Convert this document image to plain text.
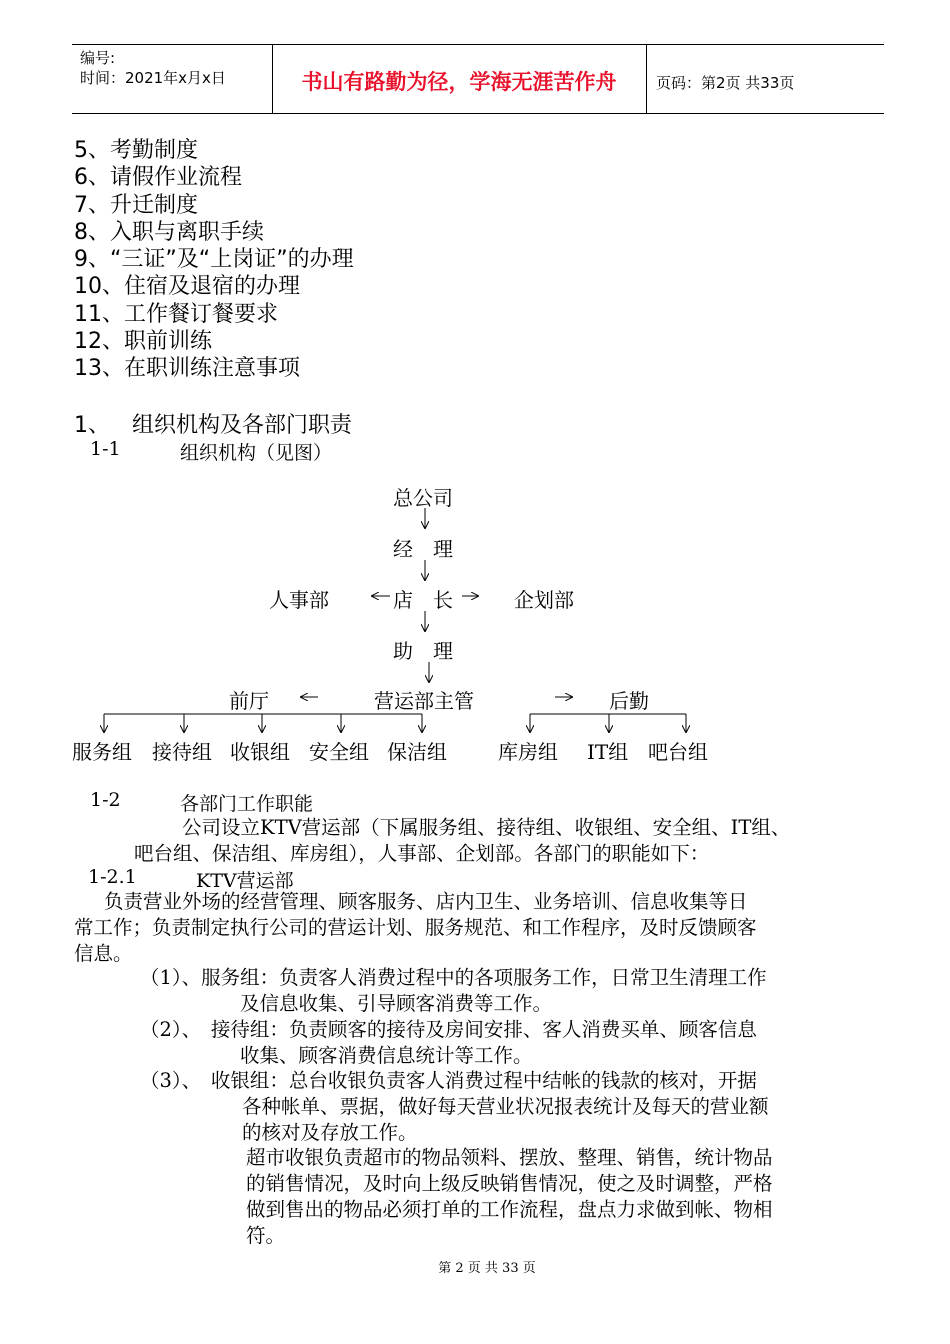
编号:
时间：2021年x月x日	书山有路勤为径，学海无涯苦作舟	页码：第2页 共33页
5、考勤制度
6、请假作业流程
7、升迁制度
8、入职与离职手续
9、“三证”及“上岗证”的办理
10、住宿及退宿的办理
11、工作餐订餐要求
12、职前训练
13、在职训练注意事项
1、 组织机构及各部门职责
1-1	组织机构（见图）
总公司
经　理
人事部	店　长	企划部
助　理
前厅	营运部主管	后勤
服务组 接待组 收银组 安全组 保洁组	库房组 IT组 吧台组
1-2	各部门工作职能
公司设立KTV营运部（下属服务组、接待组、收银组、安全组、IT组、
吧台组、保洁组、库房组），人事部、企划部。各部门的职能如下：
1-2.1	KTV营运部
负责营业外场的经营管理、顾客服务、店内卫生、业务培训、信息收集等日
常工作；负责制定执行公司的营运计划、服务规范、和工作程序，及时反馈顾客
信息。
（1）、服务组：负责客人消费过程中的各项服务工作，日常卫生清理工作
及信息收集、引导顾客消费等工作。
（2）、　接待组：负责顾客的接待及房间安排、客人消费买单、顾客信息
收集、顾客消费信息统计等工作。
（3）、　收银组：总台收银负责客人消费过程中结帐的钱款的核对，开据
各种帐单、票据，做好每天营业状况报表统计及每天的营业额
的核对及存放工作。
超市收银负责超市的物品领料、摆放、整理、销售，统计物品
的销售情况，及时向上级反映销售情况，使之及时调整，严格
做到售出的物品必须打单的工作流程，盘点力求做到帐、物相
符。
第 2 页 共 33 页
